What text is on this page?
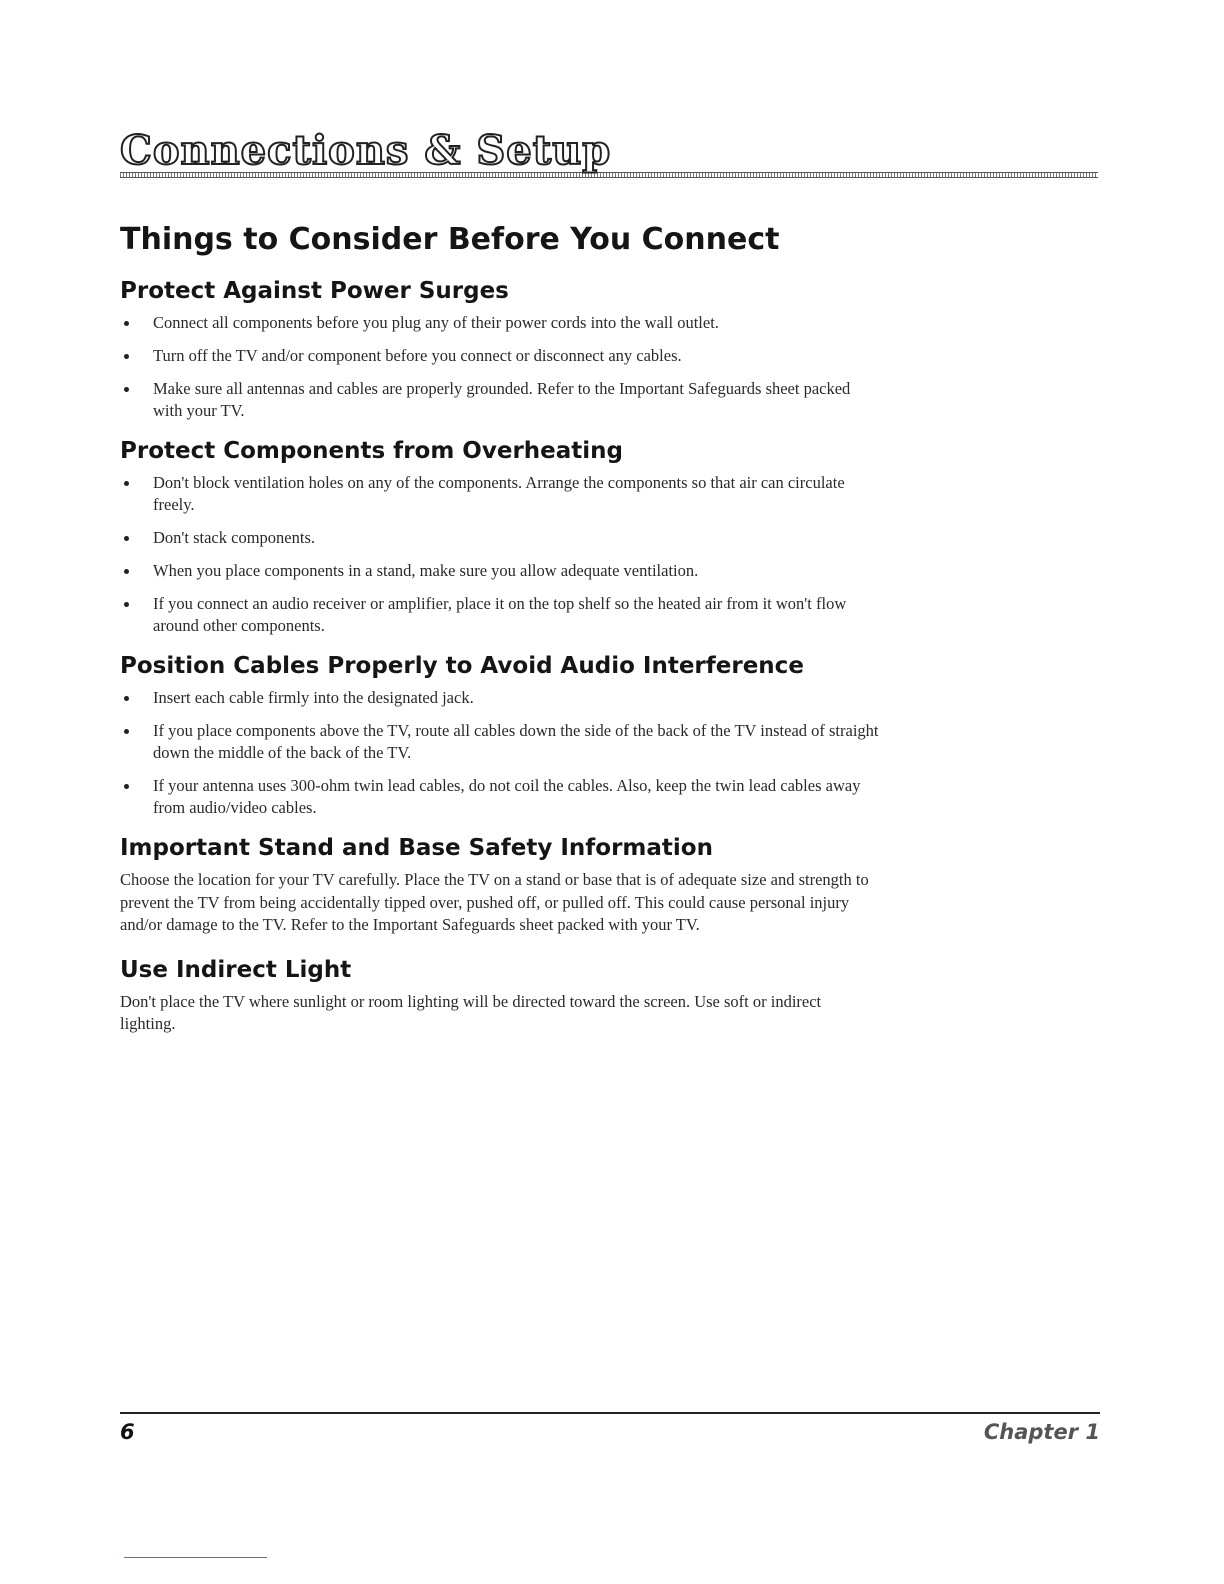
Connections & Setup
Things to Consider Before You Connect
Protect Against Power Surges
Connect all components before you plug any of their power cords into the wall outlet.
Turn off the TV and/or component before you connect or disconnect any cables.
Make sure all antennas and cables are properly grounded. Refer to the Important Safeguards sheet packed with your TV.
Protect Components from Overheating
Don't block ventilation holes on any of the components. Arrange the components so that air can circulate freely.
Don't stack components.
When you place components in a stand, make sure you allow adequate ventilation.
If you connect an audio receiver or amplifier, place it on the top shelf so the heated air from it won't flow around other components.
Position Cables Properly to Avoid Audio Interference
Insert each cable firmly into the designated jack.
If you place components above the TV, route all cables down the side of the back of the TV instead of straight down the middle of the back of the TV.
If your antenna uses 300-ohm twin lead cables, do not coil the cables. Also, keep the twin lead cables away from audio/video cables.
Important Stand and Base Safety Information

Choose the location for your TV carefully. Place the TV on a stand or base that is of adequate size and strength to prevent the TV from being accidentally tipped over, pushed off, or pulled off. This could cause personal injury and/or damage to the TV. Refer to the Important Safeguards sheet packed with your TV.

Use Indirect Light

Don't place the TV where sunlight or room lighting will be directed toward the screen. Use soft or indirect lighting.

6	Chapter 1
